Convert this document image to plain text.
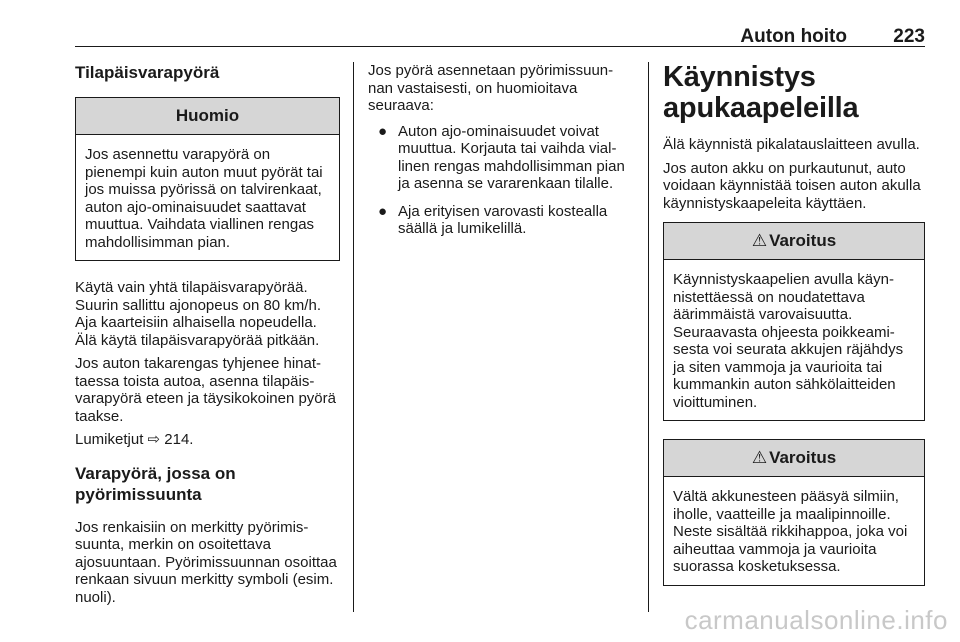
Auton hoito 223
Tilapäisvarapyörä
Huomio

Jos asennettu varapyörä on pienempi kuin auton muut pyörät tai jos muissa pyörissä on talvirenkaat, auton ajo-ominaisuudet saattavat muuttua. Vaihdata viallinen rengas mahdollisimman pian.

Käytä vain yhtä tilapäisvarapyörää. Suurin sallittu ajonopeus on 80 km/h. Aja kaarteisiin alhaisella nopeudella. Älä käytä tilapäisvarapyörää pitkään.

Jos auton takarengas tyhjenee hinattaessa toista autoa, asenna tilapäisvarapyörä eteen ja täysikokoinen pyörä taakse.

Lumiketjut ⇨ 214.

Varapyörä, jossa on pyörimissuunta

Jos renkaisiin on merkitty pyörimissuunta, merkin on osoitettava ajosuuntaan. Pyörimissuunnan osoittaa renkaan sivuun merkitty symboli (esim. nuoli).

Jos pyörä asennetaan pyörimissuunnan vastaisesti, on huomioitava seuraava:

● Auton ajo-ominaisuudet voivat muuttua. Korjauta tai vaihda viallinen rengas mahdollisimman pian ja asenna se vararenkaan tilalle.
● Aja erityisen varovasti kostealla säällä ja lumikelillä.
Käynnistys apukaapeleilla

Älä käynnistä pikalatauslaitteen avulla.

Jos auton akku on purkautunut, auto voidaan käynnistää toisen auton akulla käynnistyskaapeleita käyttäen.

⚠ Varoitus

Käynnistyskaapelien avulla käynnistettäessä on noudatettava äärimmäistä varovaisuutta. Seuraavasta ohjeesta poikkeamisesta voi seurata akkujen räjähdys ja siten vammoja ja vaurioita tai kummankin auton sähkölaitteiden vioittuminen.

⚠ Varoitus

Vältä akkunesteen pääsyä silmiin, iholle, vaatteille ja maalipinnoille. Neste sisältää rikkihappoa, joka voi aiheuttaa vammoja ja vaurioita suorassa kosketuksessa.

carmanualsonline.info
